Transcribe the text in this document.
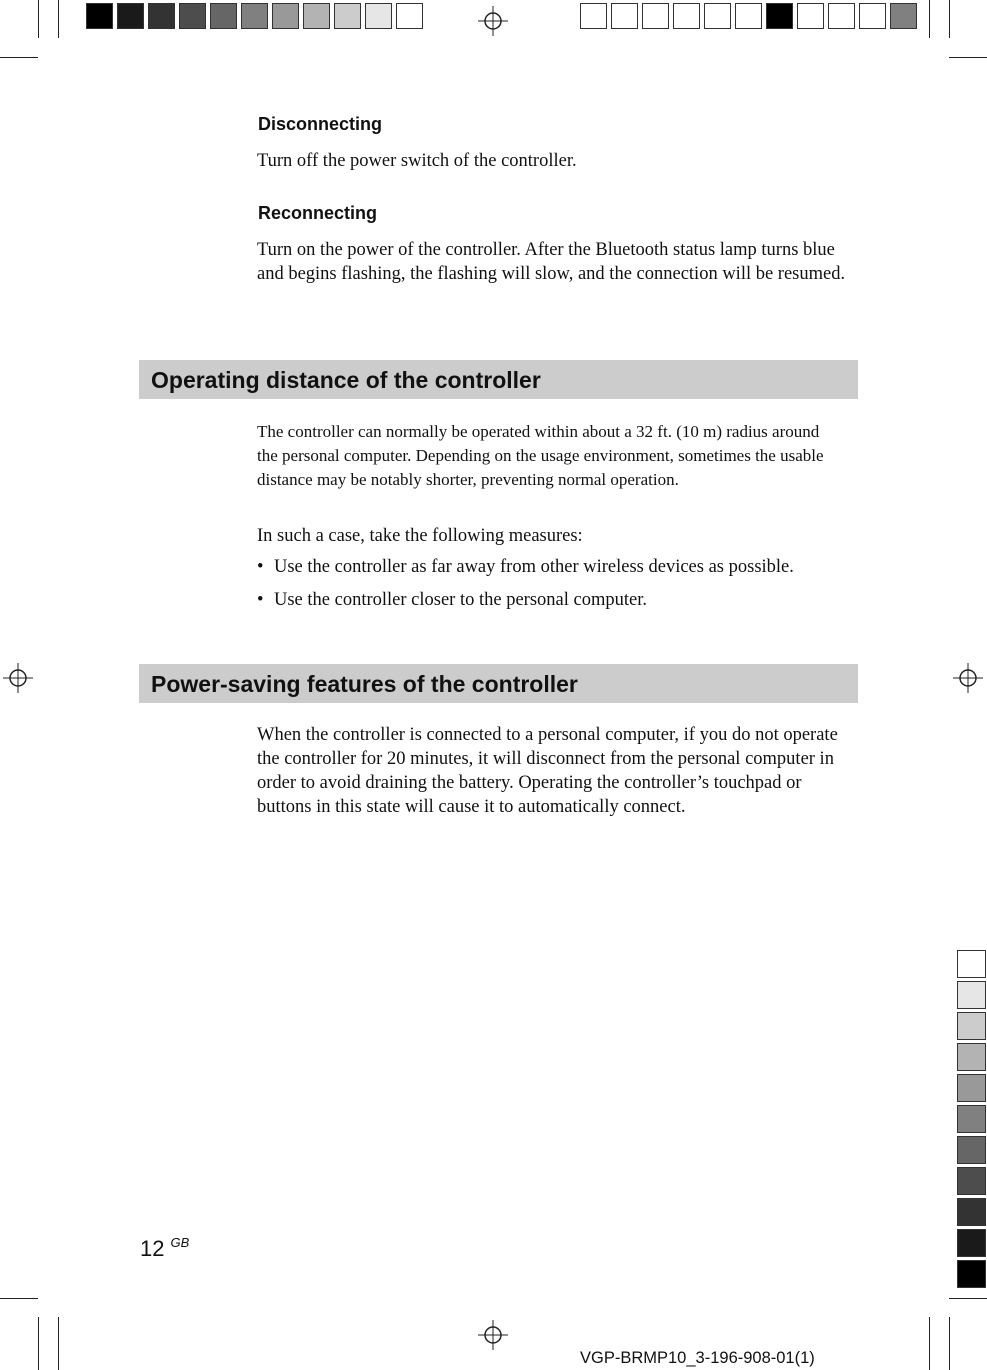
Disconnecting
Turn off the power switch of the controller.
Reconnecting
Turn on the power of the controller. After the Bluetooth status lamp turns blue and begins flashing, the flashing will slow, and the connection will be resumed.
Operating distance of the controller
The controller can normally be operated within about a 32 ft. (10 m) radius around the personal computer. Depending on the usage environment, sometimes the usable distance may be notably shorter, preventing normal operation.
In such a case, take the following measures:
• Use the controller as far away from other wireless devices as possible.
• Use the controller closer to the personal computer.
Power-saving features of the controller
When the controller is connected to a personal computer, if you do not operate the controller for 20 minutes, it will disconnect from the personal computer in order to avoid draining the battery. Operating the controller’s touchpad or buttons in this state will cause it to automatically connect.
12 $^{GB}$
VGP-BRMP10_3-196-908-01(1)
